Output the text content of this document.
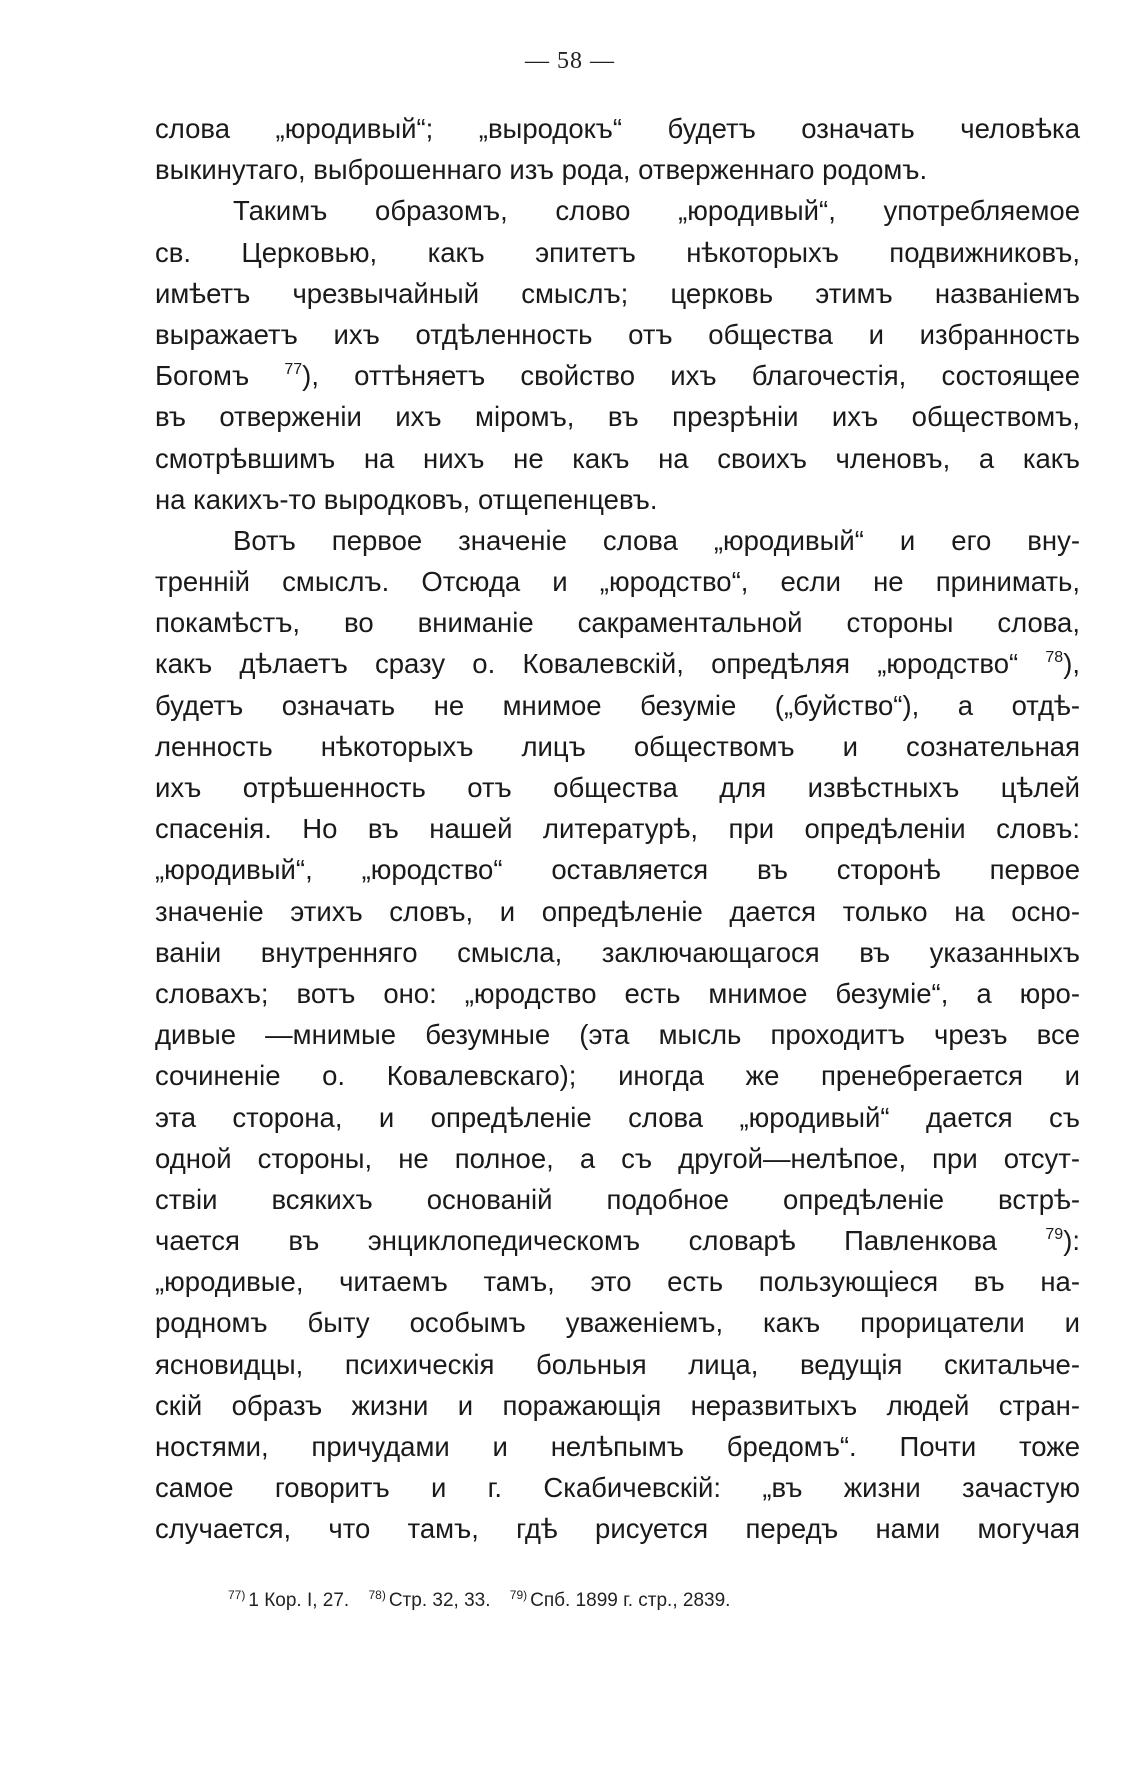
— 58 —
слова „юродивый“; „выродокъ“ будетъ означать человѣка
выкинутаго, выброшеннаго изъ рода, отверженнаго родомъ.
Такимъ образомъ, слово „юродивый“, употребляемое
св. Церковью, какъ эпитетъ нѣкоторыхъ подвижниковъ,
имѣетъ чрезвычайный смыслъ; церковь этимъ названіемъ
выражаетъ ихъ отдѣленность отъ общества и избранность
Богомъ $^{77}$), оттѣняетъ свойство ихъ благочестія, состоящее
въ отверженіи ихъ міромъ, въ презрѣніи ихъ обществомъ,
смотрѣвшимъ на нихъ не какъ на своихъ членовъ, а какъ
на какихъ-то выродковъ, отщепенцевъ.
Вотъ первое значеніе слова „юродивый“ и его вну-
тренній смыслъ. Отсюда и „юродство“, если не принимать,
покамѣстъ, во вниманіе сакраментальной стороны слова,
какъ дѣлаетъ сразу о. Ковалевскій, опредѣляя „юродство“ $^{78}$),
будетъ означать не мнимое безуміе („буйство“), а отдѣ-
ленность нѣкоторыхъ лицъ обществомъ и сознательная
ихъ отрѣшенность отъ общества для извѣстныхъ цѣлей
спасенія. Но въ нашей литературѣ, при опредѣленіи словъ:
„юродивый“, „юродство“ оставляется въ сторонѣ первое
значеніе этихъ словъ, и опредѣленіе дается только на осно-
ваніи внутренняго смысла, заключающагося въ указанныхъ
словахъ; вотъ оно: „юродство есть мнимое безуміе“, а юро-
дивые —мнимые безумные (эта мысль проходитъ чрезъ все
сочиненіе о. Ковалевскаго); иногда же пренебрегается и
эта сторона, и опредѣленіе слова „юродивый“ дается съ
одной стороны, не полное, а съ другой—нелѣпое, при отсут-
ствіи всякихъ основаній подобное опредѣленіе встрѣ-
чается въ энциклопедическомъ словарѣ Павленкова	$^{79}$):
„юродивые, читаемъ тамъ, это есть пользующіеся въ на-
родномъ быту особымъ уваженіемъ, какъ прорицатели и
ясновидцы, психическія больныя лица, ведущія скитальче-
скій образъ жизни и поражающія неразвитыхъ людей стран-
ностями, причудами и нелѣпымъ бредомъ“. Почти тоже
самое говоритъ и г. Скабичевскій: „въ жизни зачастую
случается, что тамъ, гдѣ рисуется передъ нами могучая
$^{77)}$ 1 Кор. I, 27. $^{78)}$ Стр. 32, 33. $^{79)}$ Спб. 1899 г. стр., 2839.
